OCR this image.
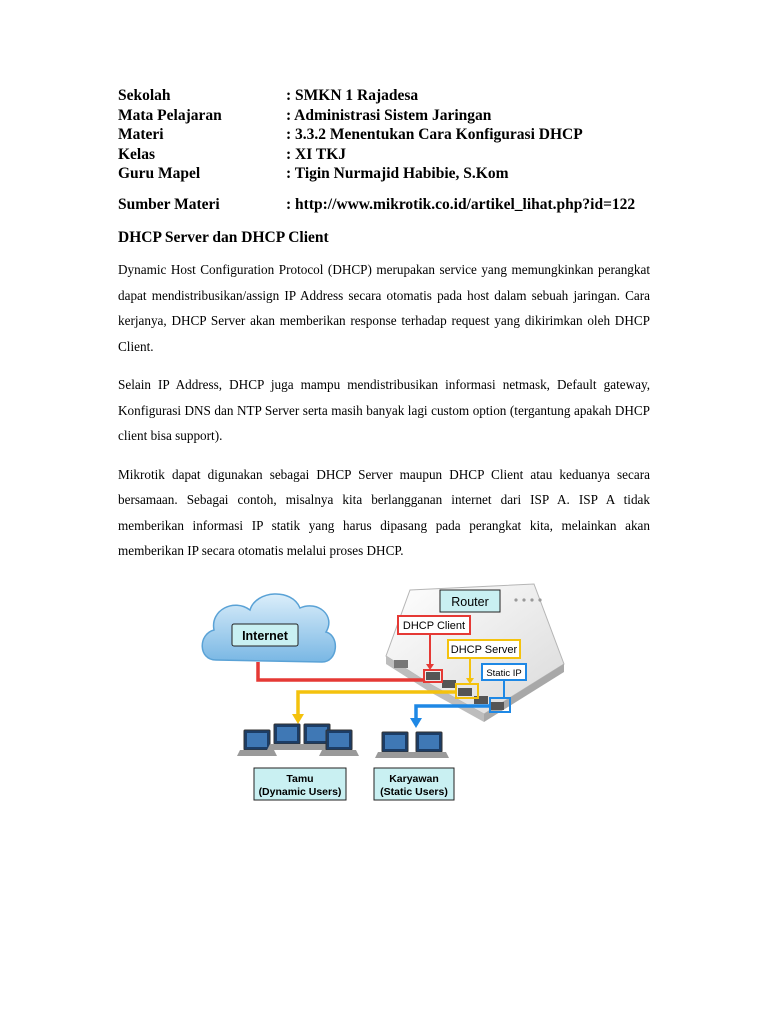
Sekolah	: SMKN 1 Rajadesa
Mata Pelajaran	: Administrasi Sistem Jaringan
Materi	: 3.3.2 Menentukan Cara Konfigurasi DHCP
Kelas	: XI TKJ
Guru Mapel	: Tigin Nurmajid Habibie, S.Kom
Sumber Materi	: http://www.mikrotik.co.id/artikel_lihat.php?id=122
DHCP Server dan DHCP Client

Dynamic Host Configuration Protocol (DHCP) merupakan service yang memungkinkan perangkat dapat mendistribusikan/assign IP Address secara otomatis pada host dalam sebuah jaringan. Cara kerjanya, DHCP Server akan memberikan response terhadap request yang dikirimkan oleh DHCP Client.

Selain IP Address, DHCP juga mampu mendistribusikan informasi netmask, Default gateway, Konfigurasi DNS dan NTP Server serta masih banyak lagi custom option (tergantung apakah DHCP client bisa support).

Mikrotik dapat digunakan sebagai DHCP Server maupun DHCP Client atau keduanya secara bersamaan. Sebagai contoh, misalnya kita berlangganan internet dari ISP A. ISP A tidak memberikan informasi IP statik yang harus dipasang pada perangkat kita, melainkan akan memberikan IP secara otomatis melalui proses DHCP.

Internet
Router
DHCP Client
DHCP Server
Static IP
Tamu
(Dynamic Users)
Karyawan
(Static Users)
